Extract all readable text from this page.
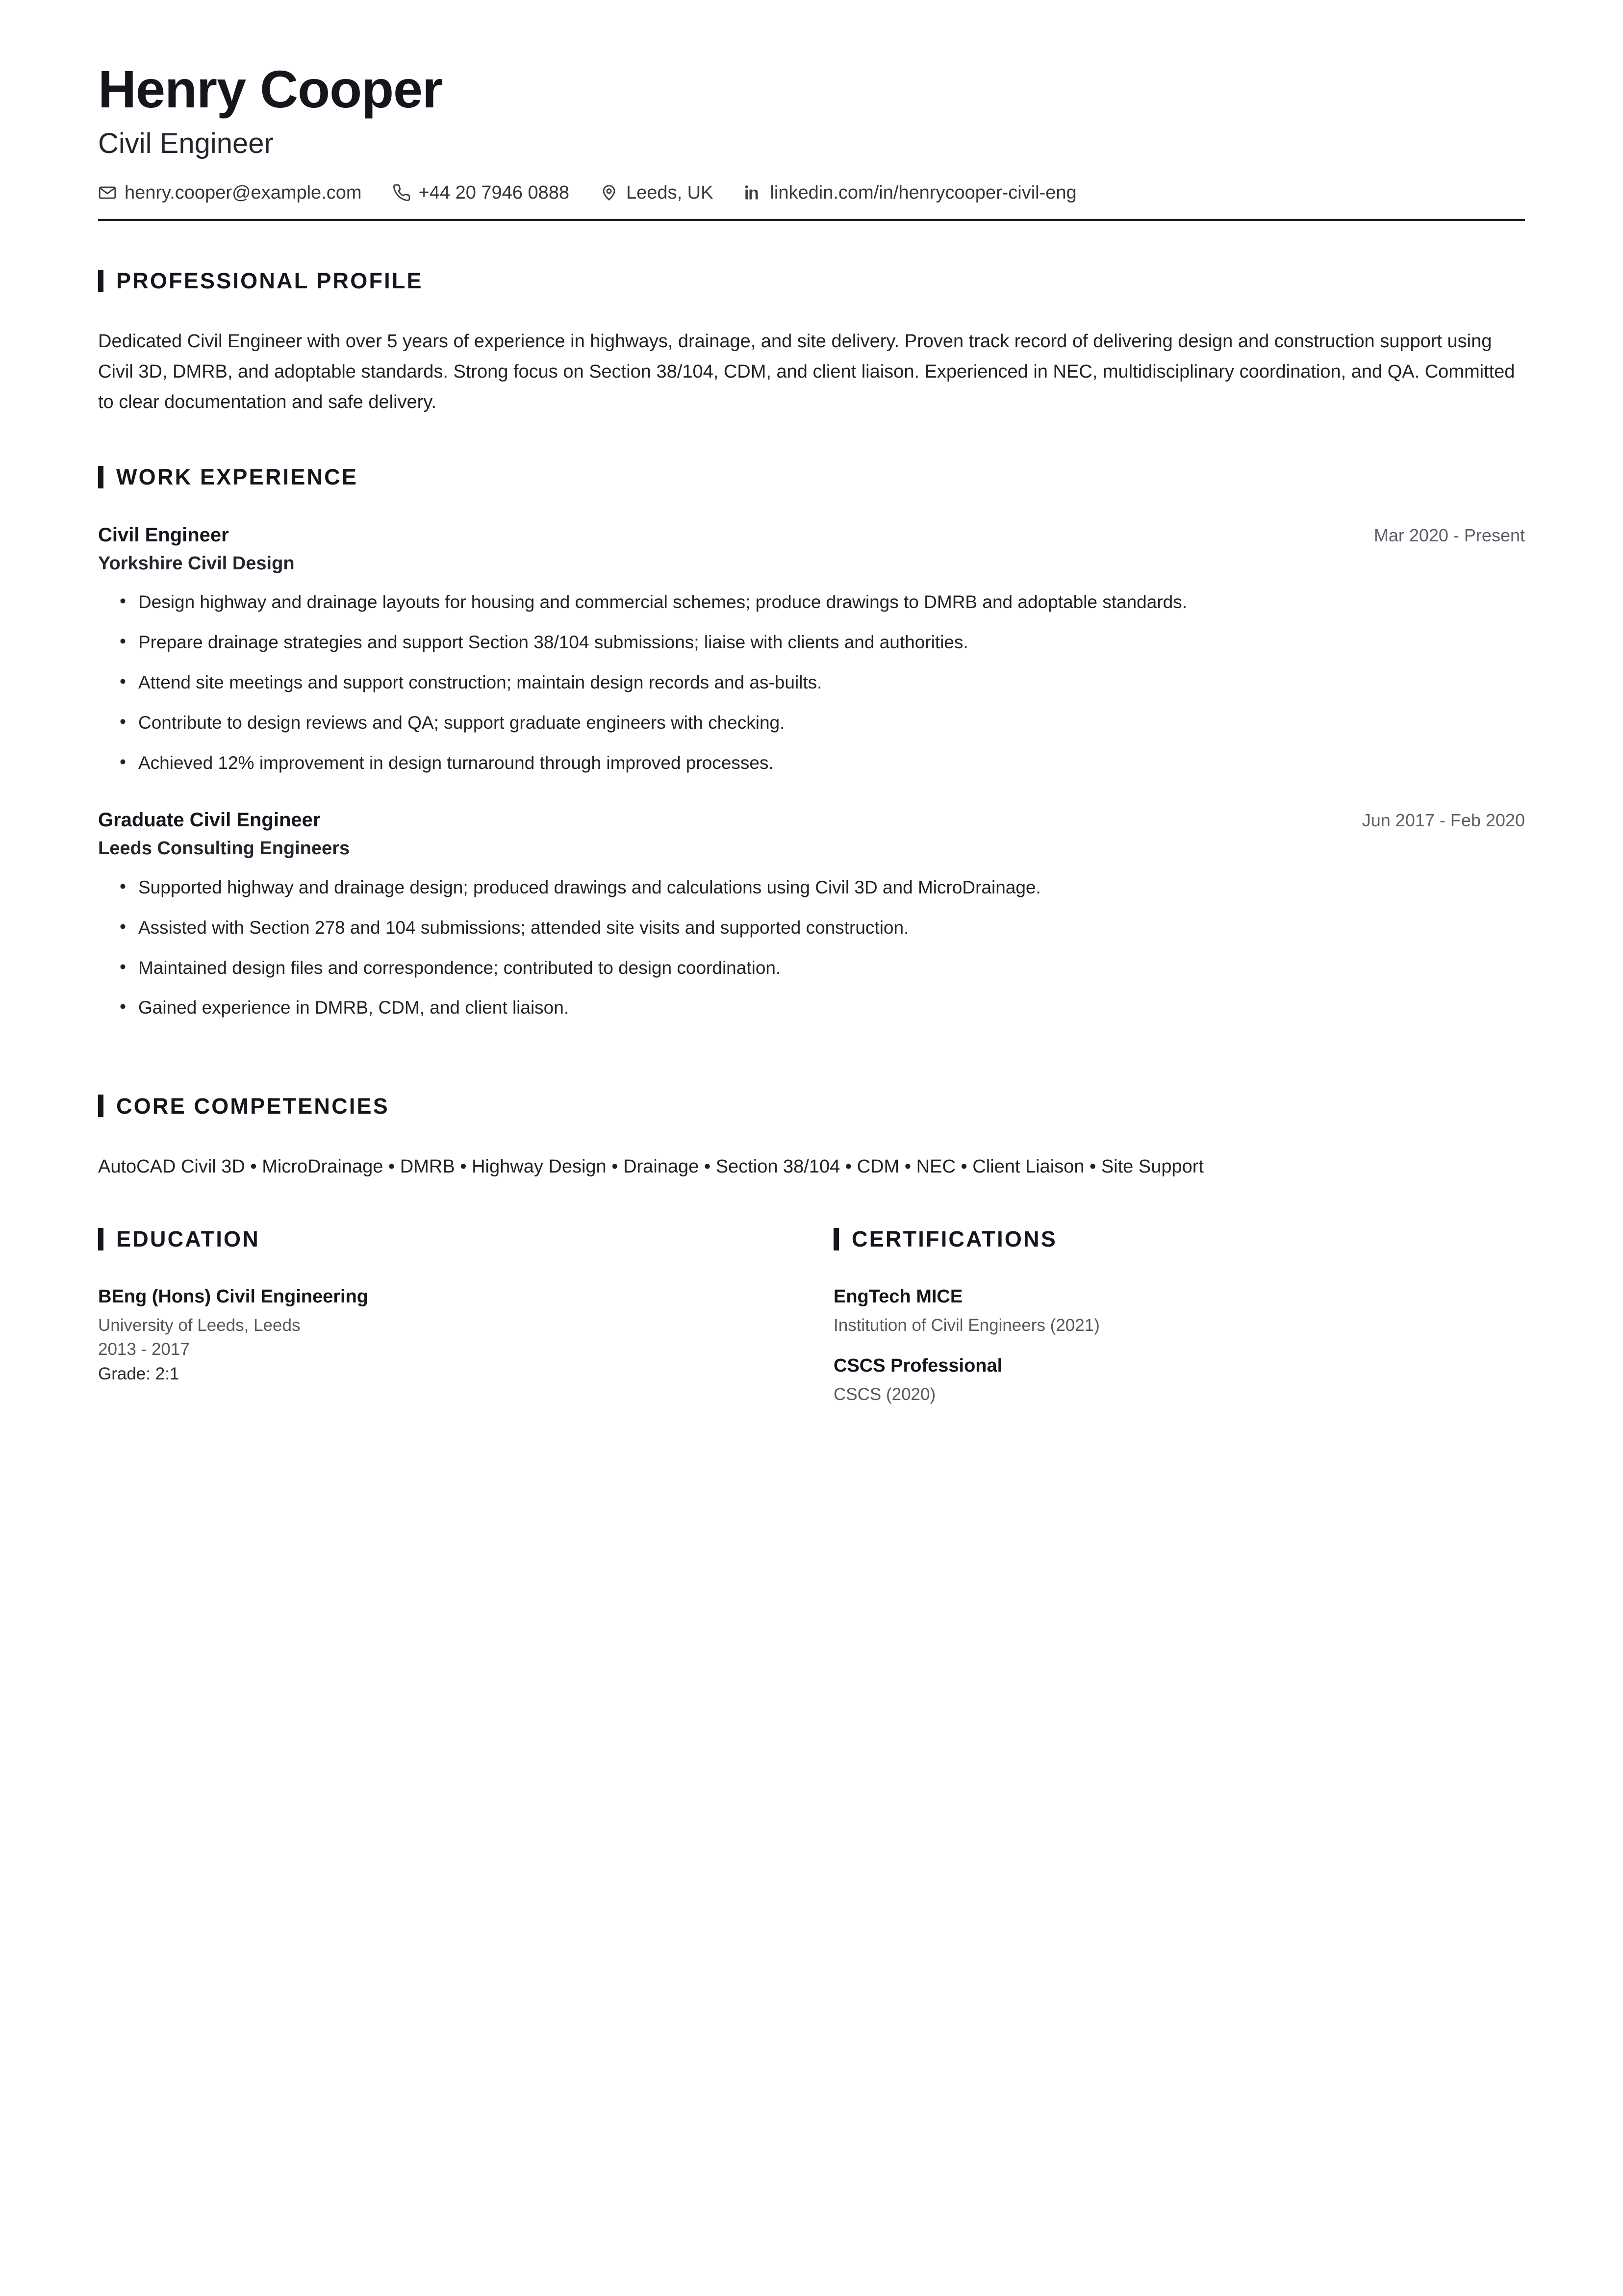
Henry Cooper
Civil Engineer
henry.cooper@example.com	+44 20 7946 0888	Leeds, UK	linkedin.com/in/henrycooper-civil-eng
PROFESSIONAL PROFILE

Dedicated Civil Engineer with over 5 years of experience in highways, drainage, and site delivery. Proven track record of delivering design and construction support using Civil 3D, DMRB, and adoptable standards. Strong focus on Section 38/104, CDM, and client liaison. Experienced in NEC, multidisciplinary coordination, and QA. Committed to clear documentation and safe delivery.

WORK EXPERIENCE
Civil Engineer	Mar 2020 - Present
Yorkshire Civil Design
• Design highway and drainage layouts for housing and commercial schemes; produce drawings to DMRB and adoptable standards.
• Prepare drainage strategies and support Section 38/104 submissions; liaise with clients and authorities.
• Attend site meetings and support construction; maintain design records and as-builts.
• Contribute to design reviews and QA; support graduate engineers with checking.
• Achieved 12% improvement in design turnaround through improved processes.
Graduate Civil Engineer	Jun 2017 - Feb 2020
Leeds Consulting Engineers
• Supported highway and drainage design; produced drawings and calculations using Civil 3D and MicroDrainage.
• Assisted with Section 278 and 104 submissions; attended site visits and supported construction.
• Maintained design files and correspondence; contributed to design coordination.
• Gained experience in DMRB, CDM, and client liaison.
CORE COMPETENCIES
AutoCAD Civil 3D • MicroDrainage • DMRB • Highway Design • Drainage • Section 38/104 • CDM • NEC • Client Liaison • Site Support
EDUCATION
BEng (Hons) Civil Engineering
University of Leeds, Leeds
2013 - 2017
Grade: 2:1
CERTIFICATIONS
EngTech MICE
Institution of Civil Engineers (2021)
CSCS Professional
CSCS (2020)
